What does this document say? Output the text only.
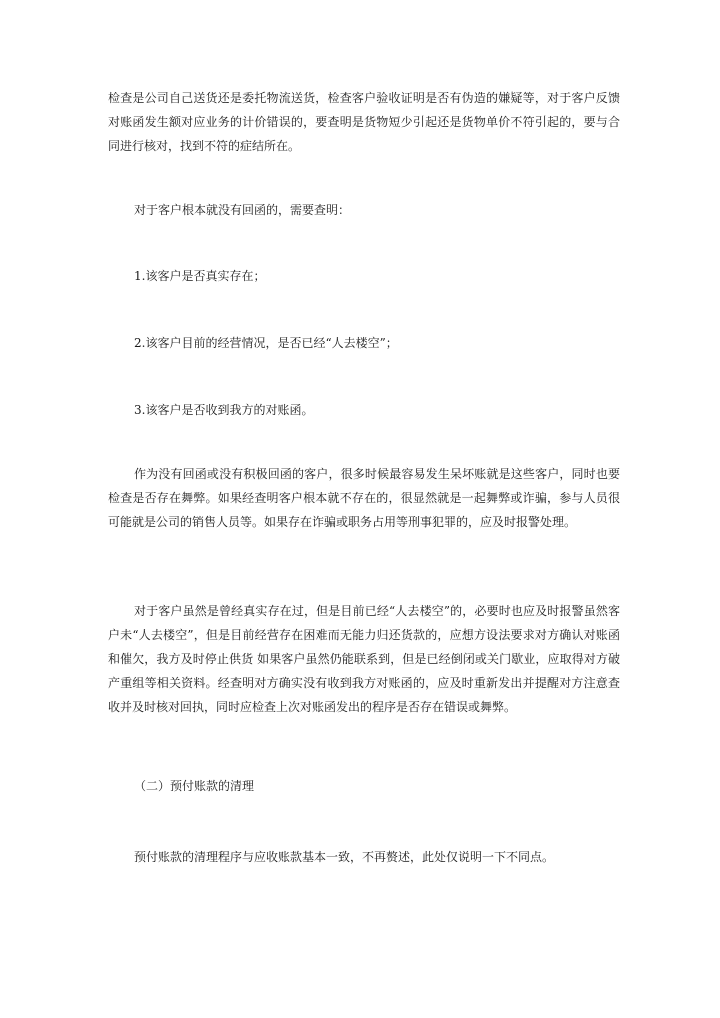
检查是公司自己送货还是委托物流送货，检查客户验收证明是否有伪造的嫌疑等，对于客户反馈对账函发生额对应业务的计价错误的，要查明是货物短少引起还是货物单价不符引起的，要与合同进行核对，找到不符的症结所在。

对于客户根本就没有回函的，需要查明：

1.该客户是否真实存在；

2.该客户目前的经营情况，是否已经“人去楼空”；

3.该客户是否收到我方的对账函。

作为没有回函或没有积极回函的客户，很多时候最容易发生呆坏账就是这些客户，同时也要检查是否存在舞弊。如果经查明客户根本就不存在的，很显然就是一起舞弊或诈骗，参与人员很可能就是公司的销售人员等。如果存在诈骗或职务占用等刑事犯罪的，应及时报警处理。

对于客户虽然是曾经真实存在过，但是目前已经“人去楼空”的，必要时也应及时报警虽然客户未“人去楼空”，但是目前经营存在困难而无能力归还货款的，应想方设法要求对方确认对账函和催欠，我方及时停止供货 如果客户虽然仍能联系到，但是已经倒闭或关门歇业，应取得对方破产重组等相关资料。经查明对方确实没有收到我方对账函的，应及时重新发出并提醒对方注意查收并及时核对回执，同时应检查上次对账函发出的程序是否存在错误或舞弊。

（二）预付账款的清理

预付账款的清理程序与应收账款基本一致，不再赘述，此处仅说明一下不同点。
